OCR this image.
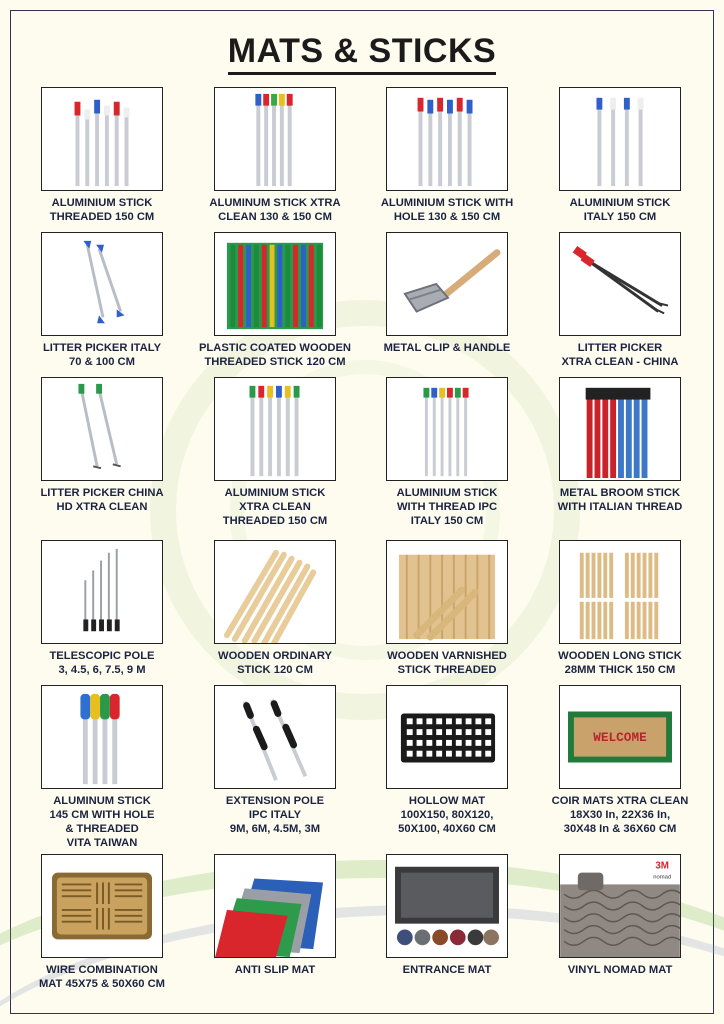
MATS & STICKS
ALUMINIUM STICK
THREADED 150 CM
ALUMINUM STICK XTRA
CLEAN 130 & 150 CM
ALUMINIUM STICK WITH
HOLE 130 & 150 CM
ALUMINIUM STICK
ITALY 150 CM
LITTER PICKER ITALY
70 & 100 CM
PLASTIC COATED WOODEN
THREADED STICK 120 CM
METAL CLIP & HANDLE	LITTER PICKER
XTRA CLEAN - CHINA
LITTER PICKER CHINA
HD XTRA CLEAN
ALUMINIUM STICK
XTRA CLEAN
THREADED 150 CM
ALUMINIUM STICK
WITH THREAD IPC
ITALY 150 CM
METAL BROOM STICK
WITH ITALIAN THREAD
TELESCOPIC POLE
3, 4.5, 6, 7.5, 9 M
WOODEN ORDINARY
STICK 120 CM
WOODEN VARNISHED
STICK THREADED
WOODEN LONG STICK
28MM THICK 150 CM
ALUMINUM STICK
145 CM WITH HOLE
& THREADED
VITA TAIWAN
EXTENSION POLE
IPC ITALY
9M, 6M, 4.5M, 3M
HOLLOW MAT
100X150, 80X120,
50X100, 40X60 CM
WELCOME
COIR MATS XTRA CLEAN
18X30 In, 22X36 In,
30X48 In & 36X60 CM
WIRE COMBINATION
MAT 45X75 & 50X60 CM
ANTI SLIP MAT	ENTRANCE MAT
3M
nomad
VINYL NOMAD MAT
